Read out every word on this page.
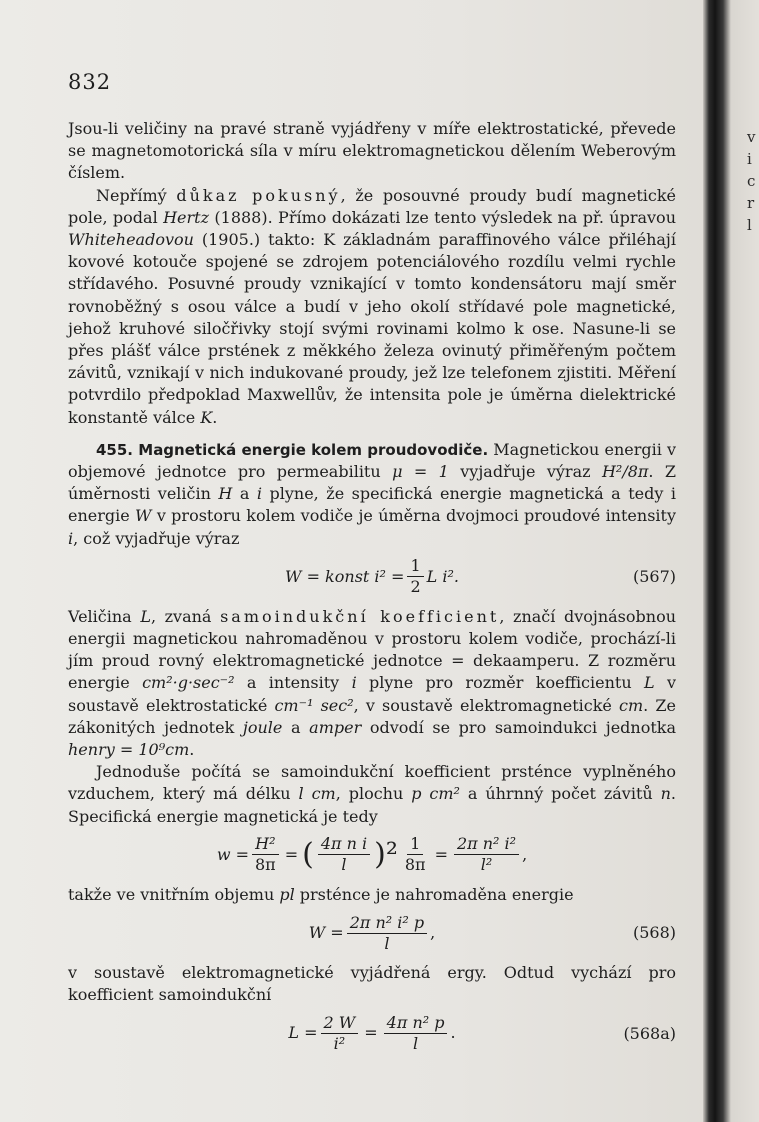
v
i
c
r
l
832

Jsou-li veličiny na pravé straně vyjádřeny v míře elektrostatické, převede se magnetomotorická síla v míru elektromagnetickou dělením Weberovým číslem.

Nepřímý důkaz pokusný, že posouvné proudy budí magnetické pole, podal Hertz (1888). Přímo dokázati lze tento výsledek na př. úpravou Whiteheadovou (1905.) takto: K základnám paraffinového válce přiléhají kovové kotouče spojené se zdrojem potenciálového rozdílu velmi rychle střídavého. Posuvné proudy vznikající v tomto kondensátoru mají směr rovnoběžný s osou válce a budí v jeho okolí střídavé pole magnetické, jehož kruhové siločřivky stojí svými rovinami kolmo k ose. Nasune-li se přes plášť válce prstének z měkkého železa ovinutý přiměřeným počtem závitů, vznikají v nich indukované proudy, jež lze telefonem zjistiti. Měření potvrdilo předpoklad Maxwellův, že intensita pole je úměrna dielektrické konstantě válce K.

455. Magnetická energie kolem proudovodiče. Magnetickou energii v objemové jednotce pro permeabilitu μ = 1 vyjadřuje výraz H²/8π. Z úměrnosti veličin H a i plyne, že specifická energie magnetická a tedy i energie W v prostoru kolem vodiče je úměrna dvojmoci proudové intensity i, což vyjadřuje výraz

W = konst $i^2 = \frac{1}{2}$ L i².	(567)

Veličina L, zvaná samoindukční koefficient, značí dvojnásobnou energii magnetickou nahromaděnou v prostoru kolem vodiče, prochází-li jím proud rovný elektromagnetické jednotce = dekaamperu. Z rozměru energie cm²·g·sec⁻² a intensity i plyne pro rozměr koefficientu L v soustavě elektrostatické cm⁻¹ sec², v soustavě elektromagnetické cm. Ze zákonitých jednotek joule a amper odvodí se pro samoindukci jednotka henry = 10⁹cm.

Jednoduše počítá se samoindukční koefficient prsténce vyplněného vzduchem, který má délku l cm, plochu p cm² a úhrnný počet závitů n. Specifická energie magnetická je tedy

$w = \frac{\text{H²}}{8\pi}$ = ( $\frac{\text{4π n i}}{l} )^2 \frac{1}{8\pi} = \frac{\text{2π n² i²}}{\text{l²}}$ ,

takže ve vnitřním objemu pl prsténce je nahromaděna energie

$W = \frac{\text{2π n² i² p}}{l}$ ,	(568)

v soustavě elektromagnetické vyjádřená ergy. Odtud vychází pro koefficient samoindukční

$L = \frac{2 W}{\text{i²}} = \frac{\text{4π n² p}}{l}$ .	(568a)
